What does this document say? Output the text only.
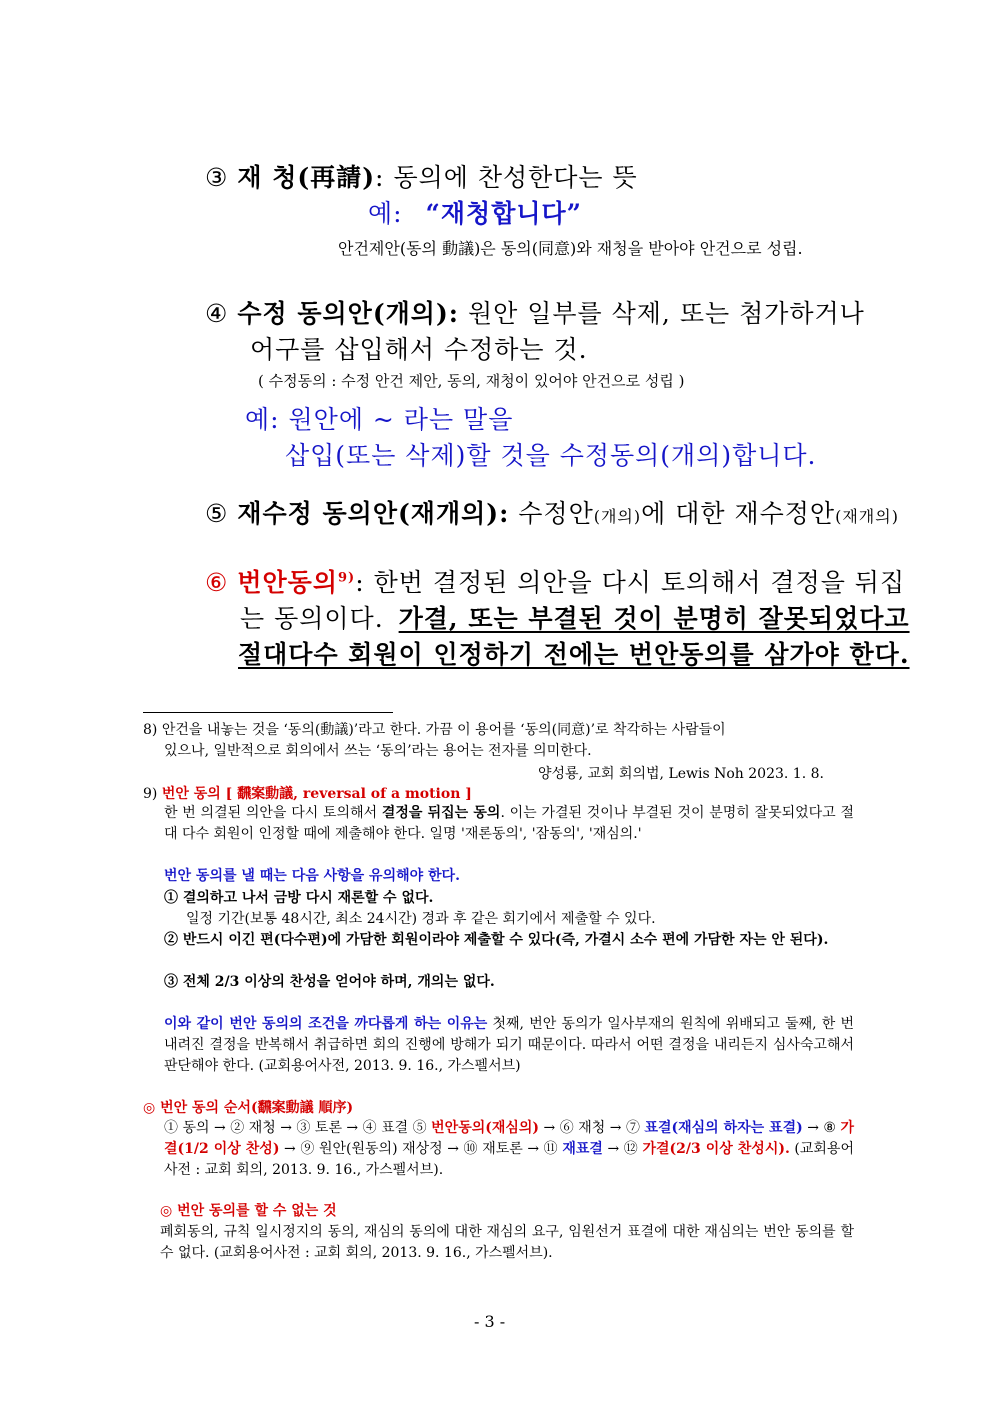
③ 재 청(再請): 동의에 찬성한다는 뜻
예: “재청합니다”
안건제안(동의 動議)은 동의(同意)와 재청을 받아야 안건으로 성립.
④ 수정 동의안(개의): 원안 일부를 삭제, 또는 첨가하거나
어구를 삽입해서 수정하는 것.
( 수정동의 : 수정 안건 제안, 동의, 재청이 있어야 안건으로 성립 )
예: 원안에 ~ 라는 말을
삽입(또는 삭제)할 것을 수정동의(개의)합니다.
⑤ 재수정 동의안(재개의): 수정안(개의)에 대한 재수정안(재개의)
⑥ 번안동의$^{9)}$: 한번 결정된 의안을 다시 토의해서 결정을 뒤집
는 동의이다. 가결, 또는 부결된 것이 분명히 잘못되었다고
절대다수 회원이 인정하기 전에는 번안동의를 삼가야 한다.
8) 안건을 내놓는 것을 ‘동의(動議)’라고 한다. 가끔 이 용어를 ‘동의(同意)’로 착각하는 사람들이
있으나, 일반적으로 회의에서 쓰는 ‘동의’라는 용어는 전자를 의미한다.
양성룡, 교회 회의법, Lewis Noh 2023. 1. 8.
9) 번안 동의 [ 飜案動議, reversal of a motion ]
한 번 의결된 의안을 다시 토의해서 결정을 뒤집는 동의. 이는 가결된 것이나 부결된 것이 분명히 잘못되었다고 절대 다수 회원이 인정할 때에 제출해야 한다. 일명 '재론동의', '잠동의', '재심의.'
번안 동의를 낼 때는 다음 사항을 유의해야 한다.
① 결의하고 나서 금방 다시 재론할 수 없다.
일정 기간(보통 48시간, 최소 24시간) 경과 후 같은 회기에서 제출할 수 있다.
② 반드시 이긴 편(다수편)에 가담한 회원이라야 제출할 수 있다(즉, 가결시 소수 편에 가담한 자는 안 된다).
③ 전체 2/3 이상의 찬성을 얻어야 하며, 개의는 없다.
이와 같이 번안 동의의 조건을 까다롭게 하는 이유는 첫째, 번안 동의가 일사부재의 원칙에 위배되고 둘째, 한 번 내려진 결정을 반복해서 취급하면 회의 진행에 방해가 되기 때문이다. 따라서 어떤 결정을 내리든지 심사숙고해서 판단해야 한다. (교회용어사전, 2013. 9. 16., 가스펠서브)
◎ 번안 동의 순서(飜案動議 順序)
① 동의 → ② 재청 → ③ 토론 → ④ 표결 ⑤ 번안동의(재심의) → ⑥ 재청 → ⑦ 표결(재심의 하자는 표결) → ⑧ 가결(1/2 이상 찬성) → ⑨ 원안(원동의) 재상정 → ⑩ 재토론 → ⑪ 재표결 → ⑫ 가결(2/3 이상 찬성시). (교회용어사전 : 교회 회의, 2013. 9. 16., 가스펠서브).
◎ 번안 동의를 할 수 없는 것
폐회동의, 규칙 일시정지의 동의, 재심의 동의에 대한 재심의 요구, 임원선거 표결에 대한 재심의는 번안 동의를 할 수 없다. (교회용어사전 : 교회 회의, 2013. 9. 16., 가스펠서브).
- 3 -
